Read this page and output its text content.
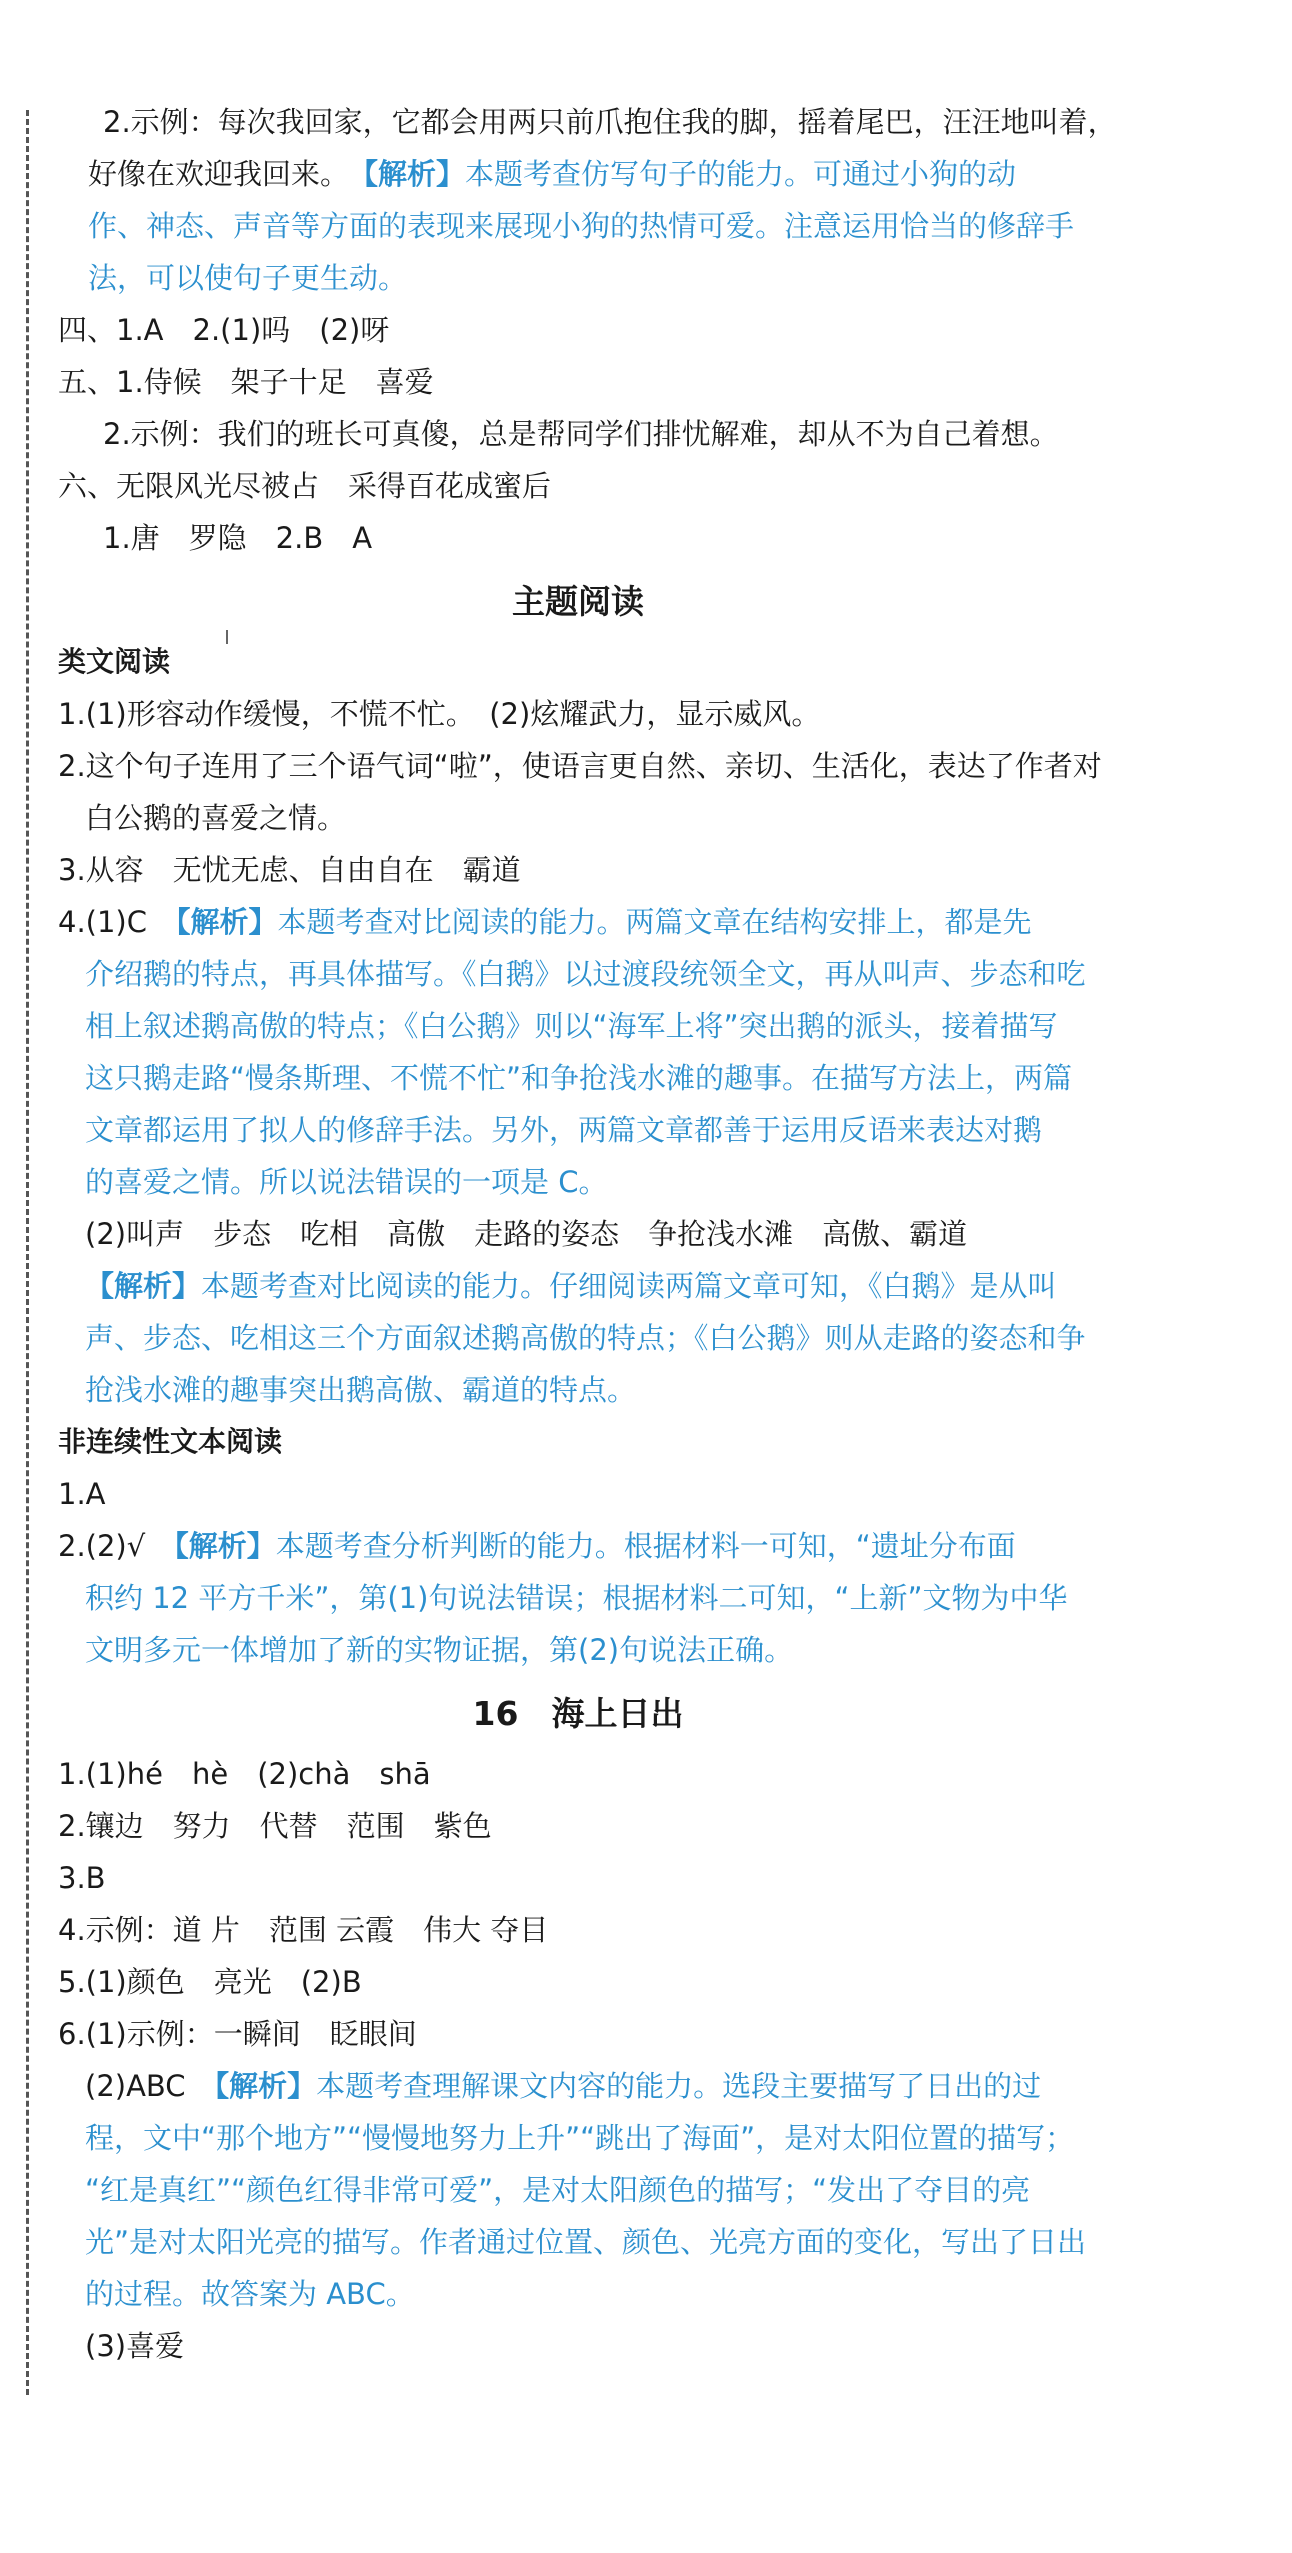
2.示例：每次我回家，它都会用两只前爪抱住我的脚，摇着尾巴，汪汪地叫着，
好像在欢迎我回来。　 【解析】本题考查仿写句子的能力。可通过小狗的动
作、神态、声音等方面的表现来展现小狗的热情可爱。注意运用恰当的修辞手
法，可以使句子更生动。
四、1.A　2.(1)吗　(2)呀
五、1.侍候　架子十足　喜爱
2.示例：我们的班长可真傻，总是帮同学们排忧解难，却从不为自己着想。
六、无限风光尽被占　采得百花成蜜后
1.唐　罗隐　2.B　A
主题阅读
类文阅读
1.(1)形容动作缓慢，不慌不忙。　(2)炫耀武力，显示威风。
2.这个句子连用了三个语气词“啦”，使语言更自然、亲切、生活化，表达了作者对
白公鹅的喜爱之情。
3.从容　无忧无虑、自由自在　霸道
4.(1)C　 【解析】本题考查对比阅读的能力。两篇文章在结构安排上，都是先
介绍鹅的特点，再具体描写。《白鹅》以过渡段统领全文，再从叫声、步态和吃
相上叙述鹅高傲的特点；《白公鹅》则以“海军上将”突出鹅的派头，接着描写
这只鹅走路“慢条斯理、不慌不忙”和争抢浅水滩的趣事。在描写方法上，两篇
文章都运用了拟人的修辞手法。另外，两篇文章都善于运用反语来表达对鹅
的喜爱之情。所以说法错误的一项是 C。
(2)叫声　步态　吃相　高傲　走路的姿态　争抢浅水滩　高傲、霸道
【解析】本题考查对比阅读的能力。仔细阅读两篇文章可知，《白鹅》是从叫
声、步态、吃相这三个方面叙述鹅高傲的特点；《白公鹅》则从走路的姿态和争
抢浅水滩的趣事突出鹅高傲、霸道的特点。
非连续性文本阅读
1.A
2.(2)√　 【解析】本题考查分析判断的能力。根据材料一可知，“遗址分布面
积约 12 平方千米”，第(1)句说法错误；根据材料二可知，“上新”文物为中华
文明多元一体增加了新的实物证据，第(2)句说法正确。
16　海上日出
1.(1)hé　hè　(2)chà　shā
2.镶边　努力　代替　范围　紫色
3.B
4.示例：道 片　范围 云霞　伟大 夺目
5.(1)颜色　亮光　(2)B
6.(1)示例：一瞬间　眨眼间
(2)ABC　 【解析】本题考查理解课文内容的能力。选段主要描写了日出的过
程，文中“那个地方”“慢慢地努力上升”“跳出了海面”，是对太阳位置的描写；
“红是真红”“颜色红得非常可爱”，是对太阳颜色的描写；“发出了夺目的亮
光”是对太阳光亮的描写。作者通过位置、颜色、光亮方面的变化，写出了日出
的过程。故答案为 ABC。
(3)喜爱
